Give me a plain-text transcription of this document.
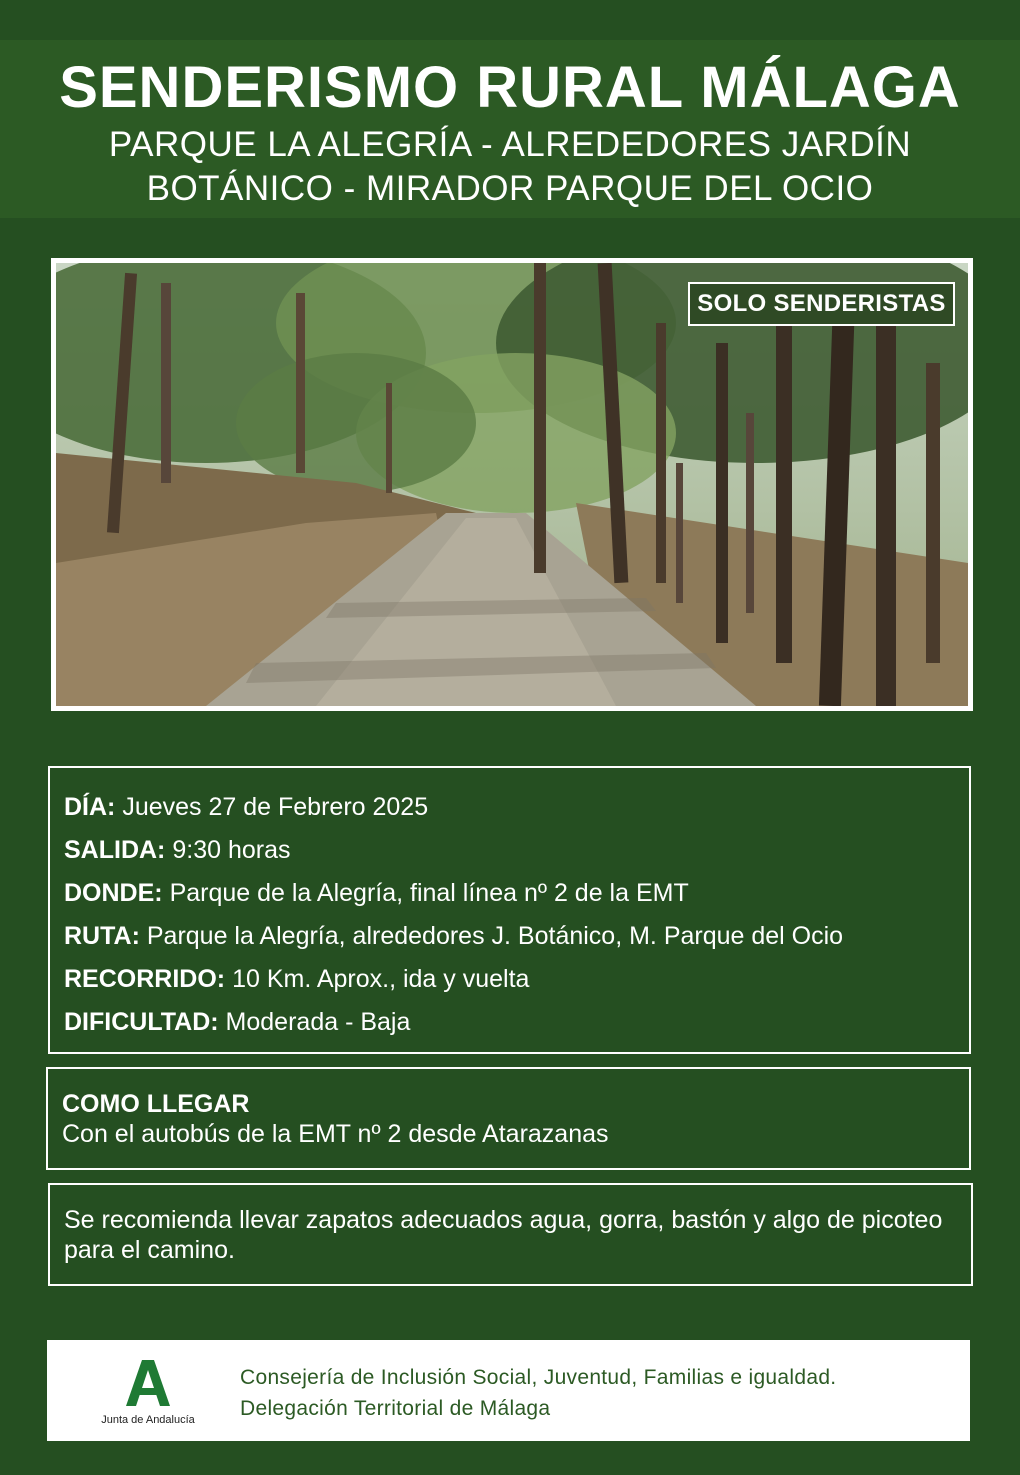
SENDERISMO RURAL MÁLAGA
PARQUE LA ALEGRÍA - ALREDEDORES JARDÍN
BOTÁNICO - MIRADOR PARQUE DEL OCIO
SOLO SENDERISTAS
DÍA: Jueves 27 de Febrero 2025
SALIDA: 9:30 horas
DONDE: Parque de la Alegría, final línea nº 2 de la EMT
RUTA: Parque la Alegría, alrededores J. Botánico, M. Parque del Ocio
RECORRIDO: 10 Km. Aprox., ida y vuelta
DIFICULTAD: Moderada - Baja
COMO LLEGAR
Con el autobús de la EMT nº 2 desde Atarazanas
Se recomienda llevar zapatos adecuados agua, gorra, bastón y algo de picoteo para el camino.
Junta de Andalucía
Consejería de Inclusión Social, Juventud, Familias e igualdad.
Delegación Territorial de Málaga
